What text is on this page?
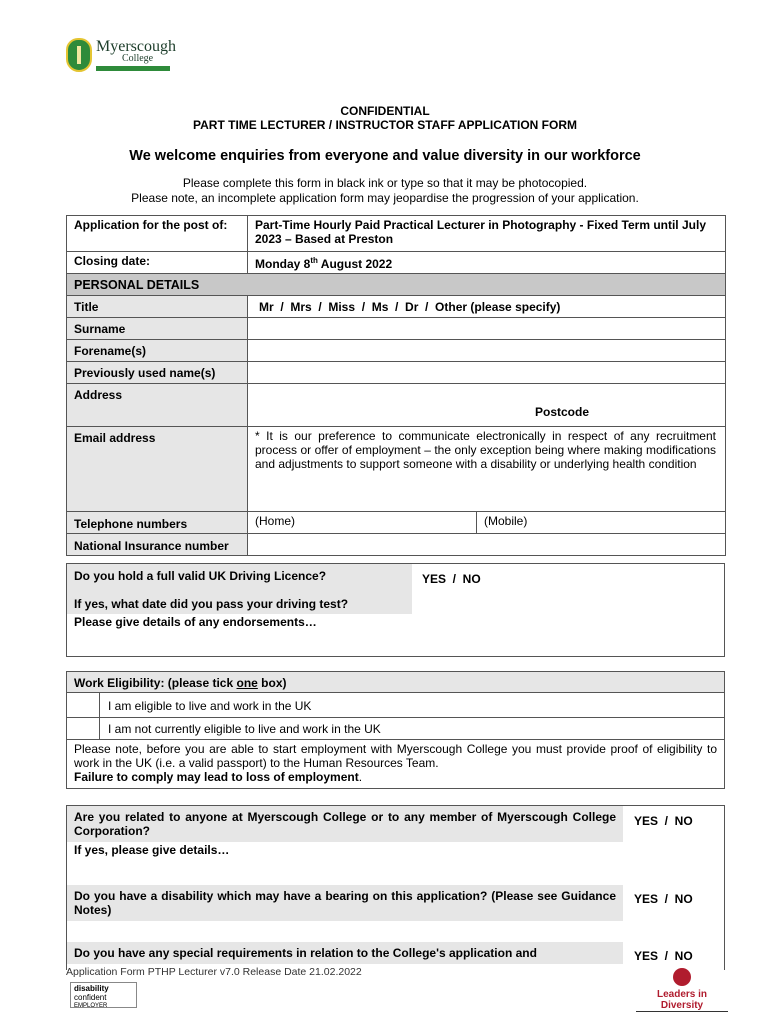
Myerscough
College
CONFIDENTIAL
PART TIME LECTURER / INSTRUCTOR STAFF APPLICATION FORM
We welcome enquiries from everyone and value diversity in our workforce
Please complete this form in black ink or type so that it may be photocopied.
Please note, an incomplete application form may jeopardise the progression of your application.
Application for the post of:	Part-Time Hourly Paid Practical Lecturer in Photography - Fixed Term until July 2023 – Based at Preston	
Closing date:	Monday 8th August 2022	
PERSONAL DETAILS		
Title	Mr  /  Mrs  /  Miss  /  Ms  /  Dr  /  Other (please specify)	
Surname		
Forename(s)		
Previously used name(s)		
Address	Postcode	

Email address	* It is our preference to communicate electronically in respect of any recruitment process or offer of employment – the only exception being where making modifications and adjustments to support someone with a disability or underlying health condition	
Telephone numbers	(Home)	(Mobile)
National Insurance number		
Do you hold a full valid UK Driving Licence?	YES  /  NO
If yes, what date did you pass your driving test?
Please give details of any endorsements…
Work Eligibility: (please tick one box)
I am eligible to live and work in the UK
I am not currently eligible to live and work in the UK
Please note, before you are able to start employment with Myerscough College you must provide proof of eligibility to work in the UK (i.e. a valid passport) to the Human Resources Team.
Failure to comply may lead to loss of employment.
Are you related to anyone at Myerscough College or to any member of Myerscough College Corporation?
YES  /  NO
If yes, please give details…
Do you have a disability which may have a bearing on this application? (Please see Guidance Notes)
YES  /  NO
Do you have any special requirements in relation to the College's application and	YES  /  NO
Application Form PTHP Lecturer v7.0 Release Date 21.02.2022
disability
confident
EMPLOYER
Leaders in Diversity
